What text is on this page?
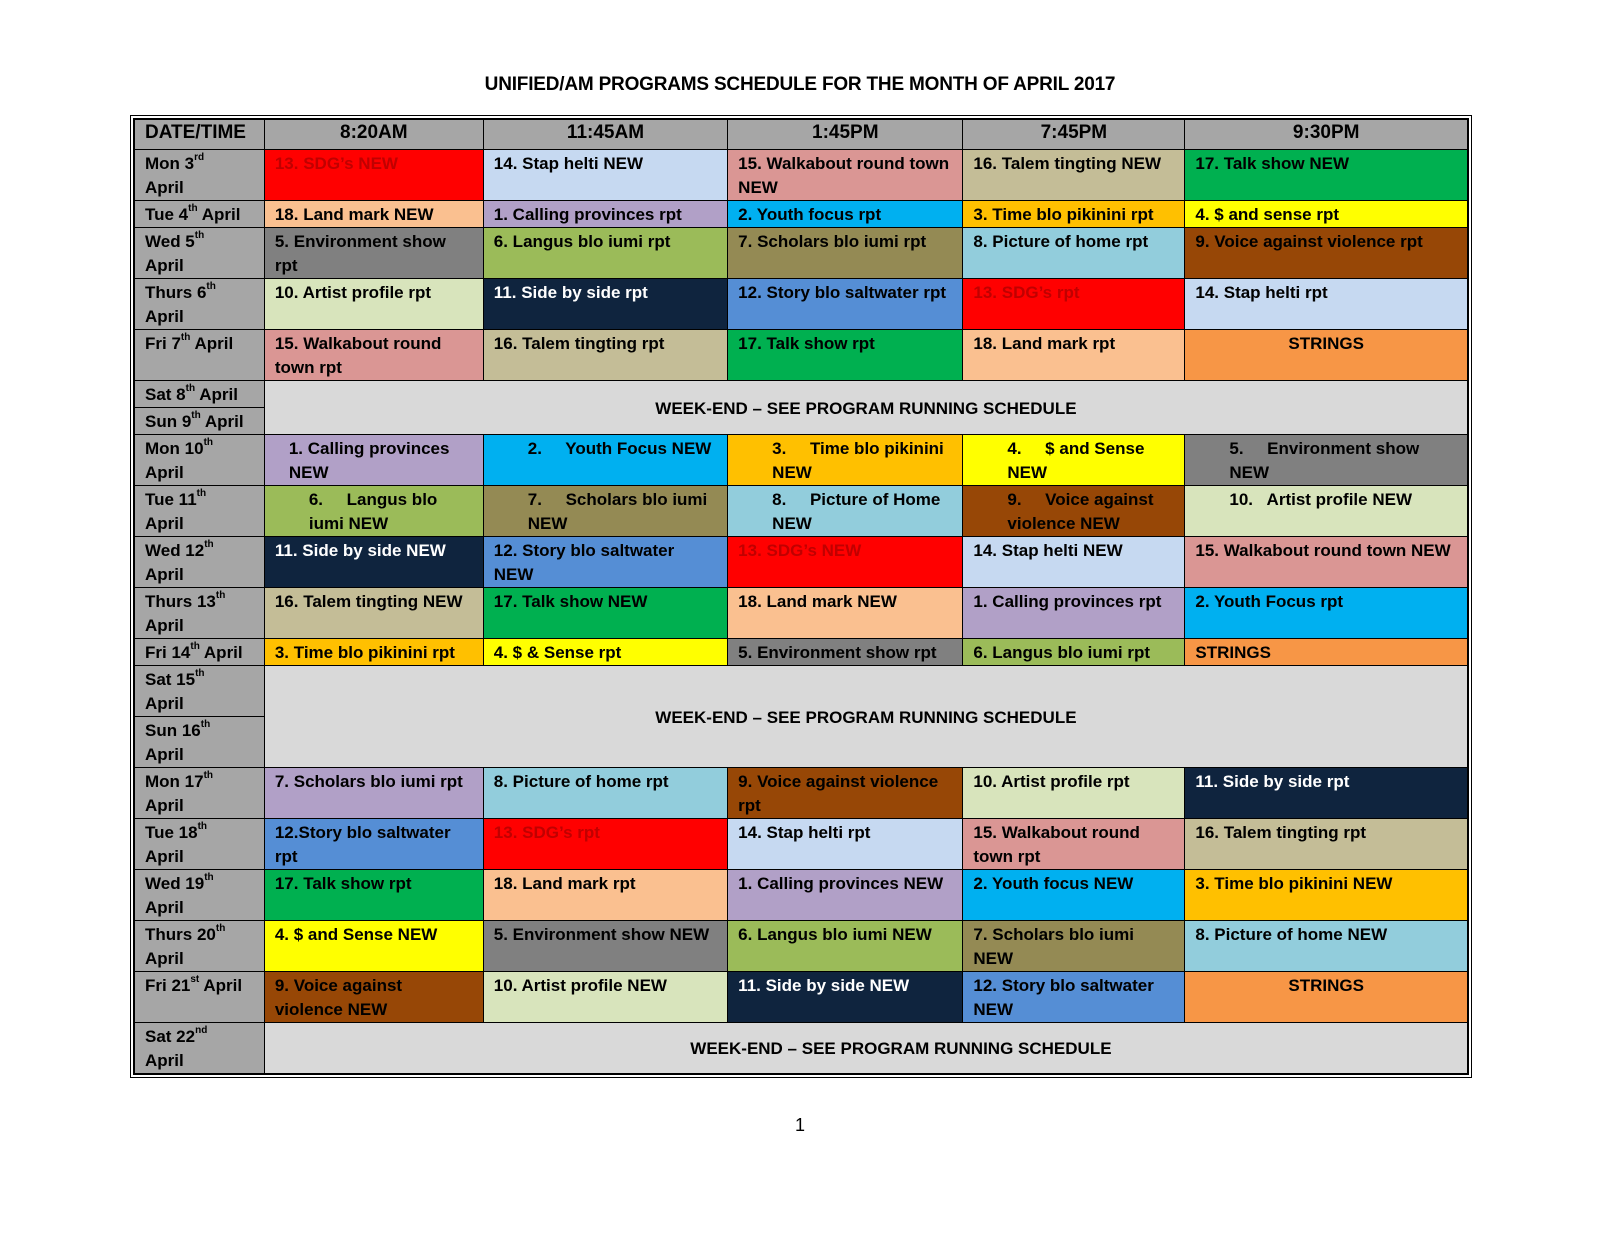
UNIFIED/AM PROGRAMS SCHEDULE FOR THE MONTH OF APRIL 2017
DATE/TIME	8:20AM	11:45AM	1:45PM	7:45PM	9:30PM
Mon 3rd
April	13. SDG’s NEW	14. Stap helti NEW	15. Walkabout round town NEW	16. Talem tingting NEW	17. Talk show NEW
Tue 4th April	18. Land mark NEW	1. Calling provinces rpt	2. Youth focus rpt	3. Time blo pikinini rpt	4. $ and sense rpt
Wed 5th
April	5. Environment show rpt	6. Langus blo iumi rpt	7. Scholars blo iumi rpt	8. Picture of home rpt	9. Voice against violence rpt
Thurs 6th
April	10. Artist profile rpt	11. Side by side rpt	12. Story blo saltwater rpt	13. SDG’s rpt	14. Stap helti rpt
Fri 7th April	15. Walkabout round town rpt	16. Talem tingting rpt	17. Talk show rpt	18. Land mark rpt	STRINGS
Sat 8th April	WEEK-END – SEE PROGRAM RUNNING SCHEDULE				
Sun 9th April					
Mon 10th
April	1. Calling provinces NEW	2.     Youth Focus NEW	3.     Time blo pikinini NEW	4.     $ and Sense NEW	5.     Environment show NEW
Tue 11th
April	6.     Langus blo iumi NEW	7.     Scholars blo iumi NEW	8.     Picture of Home NEW	9.     Voice against violence NEW	10.   Artist profile NEW
Wed 12th
April	11. Side by side NEW	12. Story blo saltwater NEW	13. SDG’s NEW	14. Stap helti NEW	15. Walkabout round town NEW
Thurs 13th
April	16. Talem tingting NEW	17. Talk show NEW	18. Land mark NEW	1. Calling provinces rpt	2. Youth Focus rpt
Fri 14th April	3. Time blo pikinini rpt	4. $ & Sense rpt	5. Environment show rpt	6. Langus blo iumi rpt	STRINGS
Sat 15th
April	WEEK-END – SEE PROGRAM RUNNING SCHEDULE				
Sun 16th
April					
Mon 17th
April	7. Scholars blo iumi rpt	8. Picture of home rpt	9. Voice against violence rpt	10. Artist profile rpt	11. Side by side rpt
Tue 18th
April	12.Story blo saltwater rpt	13. SDG’s rpt	14. Stap helti rpt	15. Walkabout round town rpt	16. Talem tingting rpt
Wed 19th
April	17. Talk show rpt	18. Land mark rpt	1. Calling provinces NEW	2. Youth focus NEW	3. Time blo pikinini NEW
Thurs 20th
April	4. $ and Sense NEW	5. Environment show NEW	6. Langus blo iumi NEW	7. Scholars blo iumi NEW	8. Picture of home NEW
Fri 21st April	9. Voice against violence NEW	10. Artist profile NEW	11. Side by side NEW	12. Story blo saltwater NEW	STRINGS
Sat 22nd
April	WEEK-END – SEE PROGRAM RUNNING SCHEDULE				
1
